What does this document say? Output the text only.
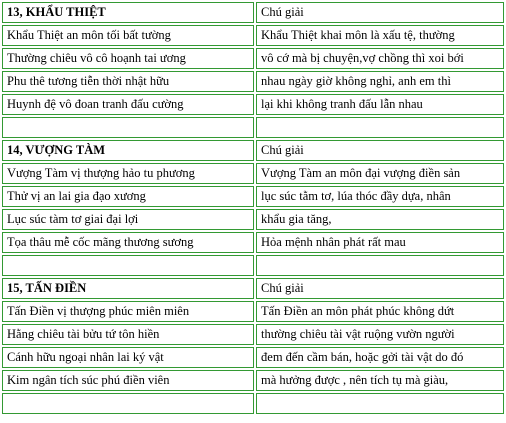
13, KHẨU THIỆT	Chú giải
Khẩu Thiệt an môn tối bất tường	Khẩu Thiệt khai môn là xấu tệ, thường
Thường chiêu vô cô hoạnh tai ương	vô cớ mà bị chuyện,vợ chồng thì xoi bới
Phu thê tương tiễn thời nhật hữu	nhau ngày giờ không nghỉ, anh em thì
Huynh đệ vô đoan tranh đấu cường	lại khi không tranh đấu lẫn nhau

14, VƯỢNG TÀM	Chú giải
Vượng Tàm vị thượng hảo tu phương	Vượng Tàm an môn đại vượng điền sản
Thử vị an lai gia đạo xương	lục súc tằm tơ, lúa thóc đầy dựa, nhân
Lục súc tàm tơ giai đại lợi	khẩu gia tăng,
Tọa thâu mễ cốc mãng thương sương	Hỏa mệnh nhân phát rất mau

15, TẤN ĐIỀN	Chú giải
Tấn Điền vị thượng phúc miên miên	Tấn Điền an môn phát phúc không dứt
Hằng chiêu tài bửu tứ tôn hiền	thường chiêu tài vật ruộng vườn người
Cánh hữu ngoại nhân lai ký vật	đem đến cầm bán, hoặc gởi tài vật do đó
Kim ngân tích súc phú điền viên	mà hưởng được , nên tích tụ mà giàu,
